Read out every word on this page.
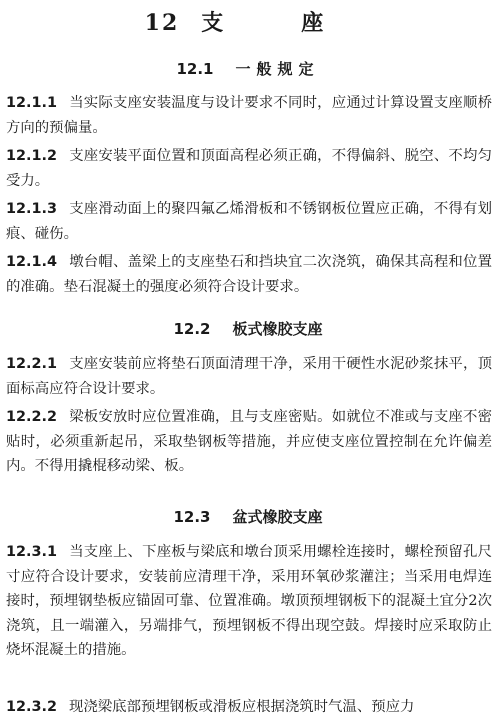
12 支　座
12.1 一般规定
12.1.1 当实际支座安装温度与设计要求不同时，应通过计算设置支座顺桥方向的预偏量。
12.1.2 支座安装平面位置和顶面高程必须正确，不得偏斜、脱空、不均匀受力。
12.1.3 支座滑动面上的聚四氟乙烯滑板和不锈钢板位置应正确，不得有划痕、碰伤。
12.1.4 墩台帽、盖梁上的支座垫石和挡块宜二次浇筑，确保其高程和位置的准确。垫石混凝土的强度必须符合设计要求。
12.2 板式橡胶支座
12.2.1 支座安装前应将垫石顶面清理干净，采用干硬性水泥砂浆抹平，顶面标高应符合设计要求。
12.2.2 梁板安放时应位置准确，且与支座密贴。如就位不准或与支座不密贴时，必须重新起吊，采取垫钢板等措施，并应使支座位置控制在允许偏差内。不得用撬棍移动梁、板。
12.3 盆式橡胶支座
12.3.1 当支座上、下座板与梁底和墩台顶采用螺栓连接时，螺栓预留孔尺寸应符合设计要求，安装前应清理干净，采用环氧砂浆灌注；当采用电焊连接时，预埋钢垫板应锚固可靠、位置准确。墩顶预埋钢板下的混凝土宜分2次浇筑，且一端灌入，另端排气，预埋钢板不得出现空鼓。焊接时应采取防止烧坏混凝土的措施。
12.3.2 现浇梁底部预埋钢板或滑板应根据浇筑时气温、预应力
